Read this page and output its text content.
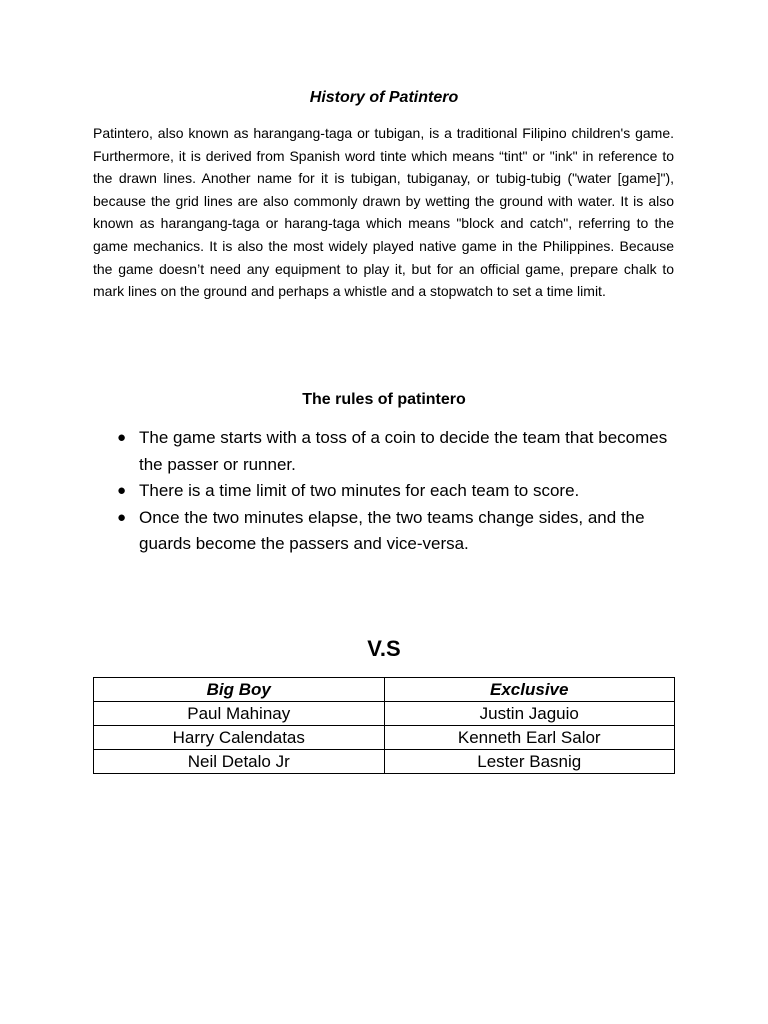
History of Patintero
Patintero, also known as harangang-taga or tubigan, is a traditional Filipino children's game. Furthermore, it is derived from Spanish word tinte which means “tint" or "ink" in reference to the drawn lines. Another name for it is tubigan, tubiganay, or tubig-tubig ("water [game]"), because the grid lines are also commonly drawn by wetting the ground with water. It is also known as harangang-taga or harang-taga which means "block and catch", referring to the game mechanics. It is also the most widely played native game in the Philippines. Because the game doesn’t need any equipment to play it, but for an official game, prepare chalk to mark lines on the ground and perhaps a whistle and a stopwatch to set a time limit.
The rules of patintero
● The game starts with a toss of a coin to decide the team that becomes the passer or runner.
● There is a time limit of two minutes for each team to score.
● Once the two minutes elapse, the two teams change sides, and the guards become the passers and vice-versa.
V.S
Big Boy	Exclusive
Paul Mahinay	Justin Jaguio
Harry Calendatas	Kenneth Earl Salor
Neil Detalo Jr	Lester Basnig
